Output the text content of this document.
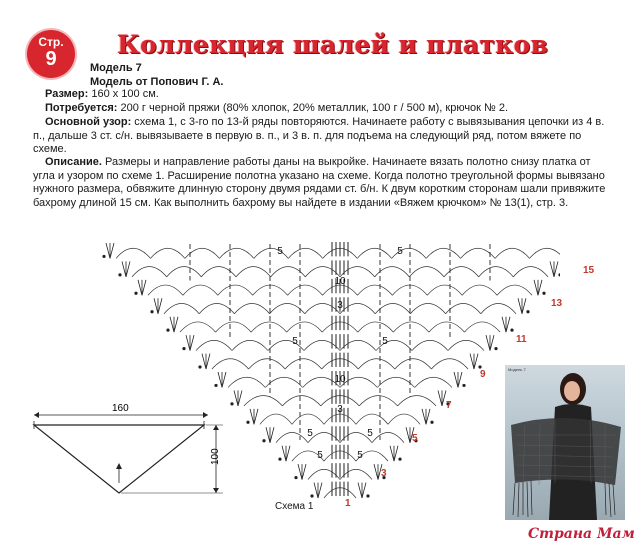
Стр.
9	Коллекция шалей и платков
Модель 7
Модель от Попович Г. А.
Размер: 160 х 100 см.
Потребуется: 200 г черной пряжи (80% хлопок, 20% металлик, 100 г / 500 м), крючок № 2.
Основной узор: схема 1, с 3-го по 13-й ряды повторяются. Начинаете работу с вывязывания цепочки из 4 в. п., дальше 3 ст. с/н. вывязываете в первую в. п., и 3 в. п. для подъема на следующий ряд, потом вяжете по схеме.
Описание. Размеры и направление работы даны на выкройке. Начинаете вязать полотно снизу платка от угла и узором по схеме 1. Расширение полотна указано на схеме. Когда полотно треугольной формы вывязано нужного размера, обвяжите длинную сторону двумя рядами ст. б/н. К двум коротким сторонам шали привяжите бахрому длиной 15 см. Как выполнить бахрому вы найдете в издании «Вяжем крючком» № 13(1), стр. 3.
5	5
10
3
5	5
10
3
5	5
5	5
1
3
5
7
9
11
13
15
Схема 1
160
100
Модель 7
Страна Мам
